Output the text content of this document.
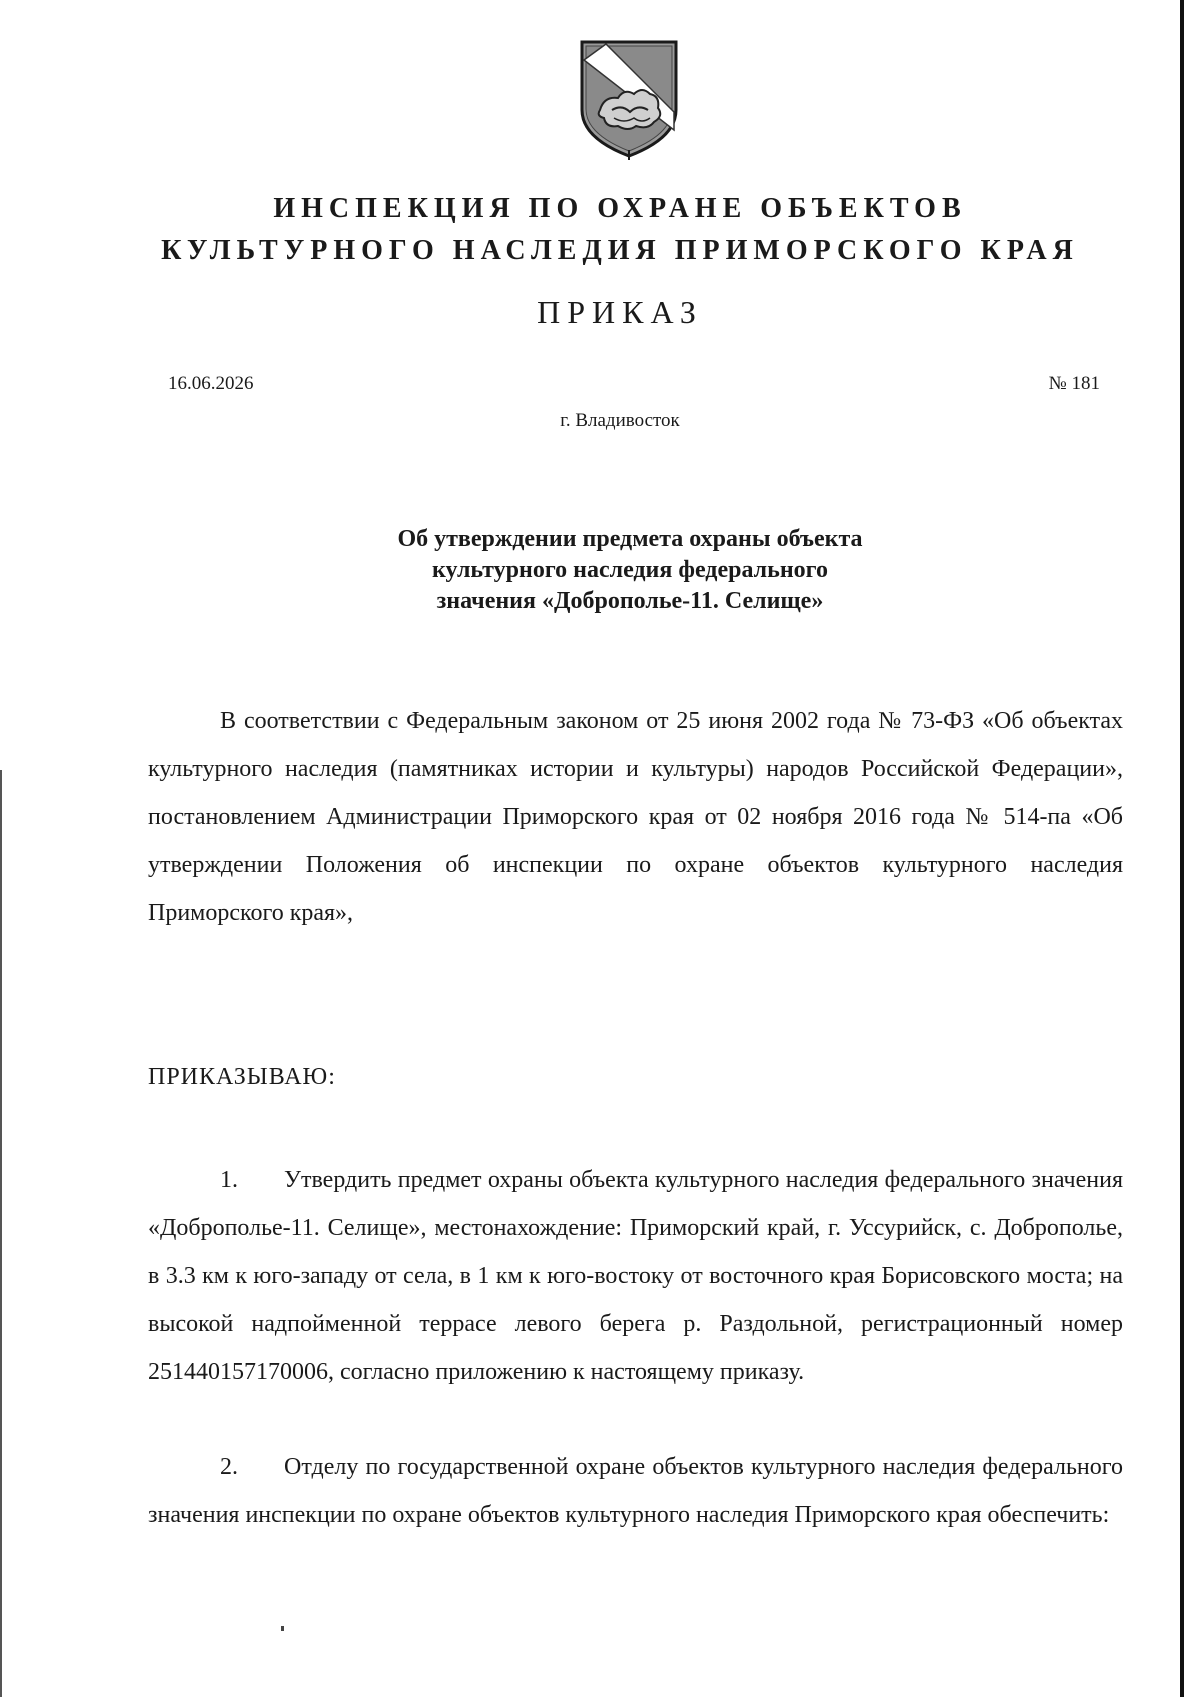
ИНСПЕКЦИЯ ПО ОХРАНЕ ОБЪЕКТОВ
КУЛЬТУРНОГО НАСЛЕДИЯ ПРИМОРСКОГО КРАЯ
ПРИКАЗ
16.06.2026	№ 181
г. Владивосток
Об утверждении предмета охраны объекта
культурного наследия федерального
значения «Доброполье-11. Селище»
В соответствии с Федеральным законом от 25 июня 2002 года № 73-ФЗ «Об объектах культурного наследия (памятниках истории и культуры) народов Российской Федерации», постановлением Администрации Приморского края от 02 ноября 2016 года № 514-па «Об утверждении Положения об инспекции по охране объектов культурного наследия Приморского края»,
ПРИКАЗЫВАЮ:
1. Утвердить предмет охраны объекта культурного наследия федерального значения «Доброполье-11. Селище», местонахождение: Приморский край, г. Уссурийск, с. Доброполье, в 3.3 км к юго-западу от села, в 1 км к юго-востоку от восточного края Борисовского моста; на высокой надпойменной террасе левого берега р. Раздольной, регистрационный номер 251440157170006, согласно приложению к настоящему приказу.
2. Отделу по государственной охране объектов культурного наследия федерального значения инспекции по охране объектов культурного наследия Приморского края обеспечить:
